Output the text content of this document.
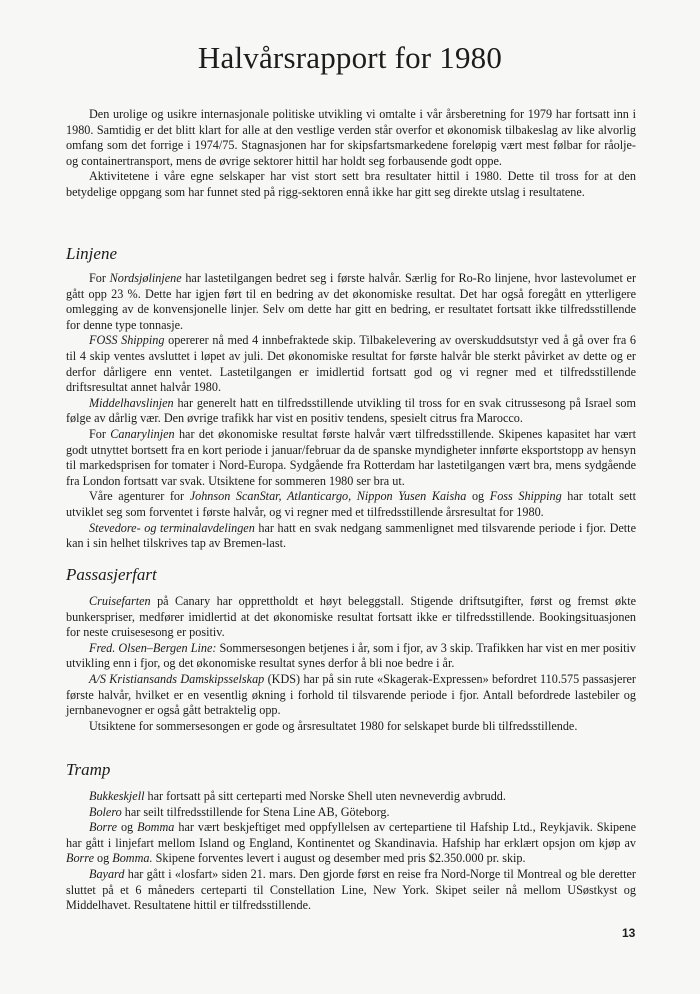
Halvårsrapport for 1980

Den urolige og usikre internasjonale politiske utvikling vi omtalte i vår årsberetning for 1979 har fortsatt inn i 1980. Samtidig er det blitt klart for alle at den vestlige verden står overfor et økonomisk tilbakeslag av like alvorlig omfang som det forrige i 1974/75. Stagnasjonen har for skipsfartsmarkedene foreløpig vært mest følbar for råolje- og containertransport, mens de øvrige sektorer hittil har holdt seg forbausende godt oppe.

Aktivitetene i våre egne selskaper har vist stort sett bra resultater hittil i 1980. Dette til tross for at den betydelige oppgang som har funnet sted på rigg-sektoren ennå ikke har gitt seg direkte utslag i resultatene.

Linjene

For Nordsjølinjene har lastetilgangen bedret seg i første halvår. Særlig for Ro-Ro linjene, hvor lastevolumet er gått opp 23 %. Dette har igjen ført til en bedring av det økonomiske resultat. Det har også foregått en ytterligere omlegging av de konvensjonelle linjer. Selv om dette har gitt en bedring, er resultatet fortsatt ikke tilfredsstillende for denne type tonnasje.

FOSS Shipping opererer nå med 4 innbefraktede skip. Tilbakelevering av overskuddsutstyr ved å gå over fra 6 til 4 skip ventes avsluttet i løpet av juli. Det økonomiske resultat for første halvår ble sterkt påvirket av dette og er derfor dårligere enn ventet. Lastetilgangen er imidlertid fortsatt god og vi regner med et tilfredsstillende driftsresultat annet halvår 1980.

Middelhavslinjen har generelt hatt en tilfredsstillende utvikling til tross for en svak citrussesong på Israel som følge av dårlig vær. Den øvrige trafikk har vist en positiv tendens, spesielt citrus fra Marocco.

For Canarylinjen har det økonomiske resultat første halvår vært tilfredsstillende. Skipenes kapasitet har vært godt utnyttet bortsett fra en kort periode i januar/februar da de spanske myndigheter innførte eksportstopp av hensyn til markedsprisen for tomater i Nord-Europa. Sydgående fra Rotterdam har lastetilgangen vært bra, mens sydgående fra London fortsatt var svak. Utsiktene for sommeren 1980 ser bra ut.

Våre agenturer for Johnson ScanStar, Atlanticargo, Nippon Yusen Kaisha og Foss Shipping har totalt sett utviklet seg som forventet i første halvår, og vi regner med et tilfredsstillende årsresultat for 1980.

Stevedore- og terminalavdelingen har hatt en svak nedgang sammenlignet med tilsvarende periode i fjor. Dette kan i sin helhet tilskrives tap av Bremen-last.

Passasjerfart

Cruisefarten på Canary har opprettholdt et høyt beleggstall. Stigende driftsutgifter, først og fremst økte bunkerspriser, medfører imidlertid at det økonomiske resultat fortsatt ikke er tilfredsstillende. Bookingsituasjonen for neste cruisesesong er positiv.

Fred. Olsen–Bergen Line: Sommersesongen betjenes i år, som i fjor, av 3 skip. Trafikken har vist en mer positiv utvikling enn i fjor, og det økonomiske resultat synes derfor å bli noe bedre i år.

A/S Kristiansands Damskipsselskap (KDS) har på sin rute «Skagerak-Expressen» befordret 110.575 passasjerer første halvår, hvilket er en vesentlig økning i forhold til tilsvarende periode i fjor. Antall befordrede lastebiler og jernbanevogner er også gått betraktelig opp.

Utsiktene for sommersesongen er gode og årsresultatet 1980 for selskapet burde bli tilfredsstillende.

Tramp

Bukkeskjell har fortsatt på sitt certeparti med Norske Shell uten nevneverdig avbrudd.

Bolero har seilt tilfredsstillende for Stena Line AB, Göteborg.

Borre og Bomma har vært beskjeftiget med oppfyllelsen av certepartiene til Hafship Ltd., Reykjavik. Skipene har gått i linjefart mellom Island og England, Kontinentet og Skandinavia. Hafship har erklært opsjon om kjøp av Borre og Bomma. Skipene forventes levert i august og desember med pris $2.350.000 pr. skip.

Bayard har gått i «losfart» siden 21. mars. Den gjorde først en reise fra Nord-Norge til Montreal og ble deretter sluttet på et 6 måneders certeparti til Constellation Line, New York. Skipet seiler nå mellom USøstkyst og Middelhavet. Resultatene hittil er tilfredsstillende.

13
